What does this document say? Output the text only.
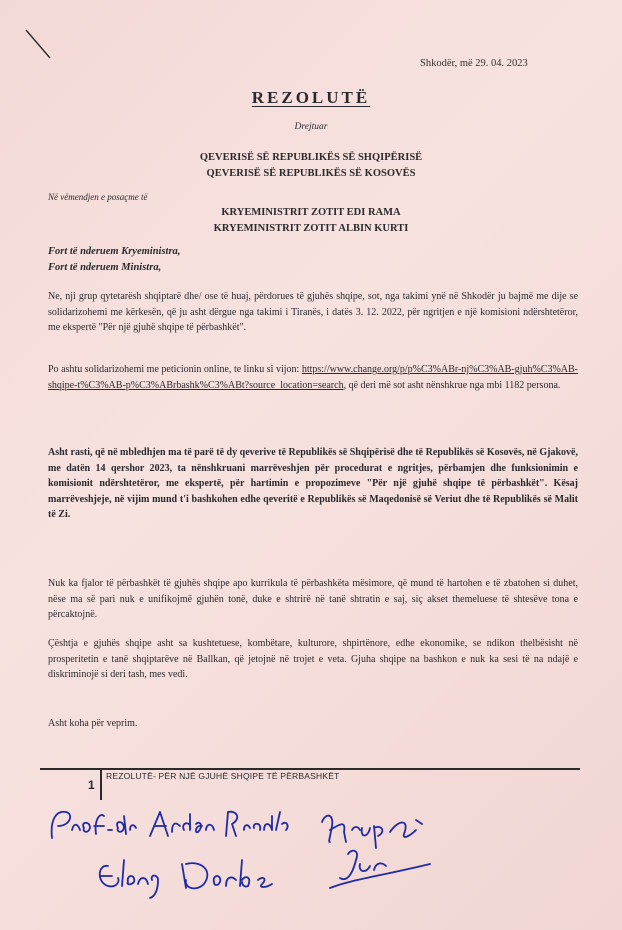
Shkodër, më 29. 04. 2023
REZOLUTË
Drejtuar
QEVERISË SË REPUBLIKËS SË SHQIPËRISË
QEVERISË SË REPUBLIKËS SË KOSOVËS
Në vëmendjen e posaçme të
KRYEMINISTRIT ZOTIT EDI RAMA
KRYEMINISTRIT ZOTIT ALBIN KURTI
Fort të nderuem Kryeministra,
Fort të nderuem Ministra,
Ne, nji grup qytetarësh shqiptarë dhe/ ose të huaj, përdorues të gjuhës shqipe, sot, nga takimi ynë në Shkodër ju bajmë me dije se solidarizohemi me kërkesën, që ju asht dërgue nga takimi i Tiranës, i datës 3. 12. 2022, për ngritjen e një komisioni ndërshtetëror, me ekspertë "Për një gjuhë shqipe të përbashkët".
Po ashtu solidarizohemi me peticionin online, te linku si vijon: https://www.change.org/p/p%C3%ABr-nj%C3%AB-gjuh%C3%AB-shqipe-t%C3%AB-p%C3%ABrbashk%C3%ABt?source_location=search, që deri më sot asht nënshkrue nga mbi 1182 persona.
Asht rasti, që në mbledhjen ma të parë të dy qeverive të Republikës së Shqipërisë dhe të Republikës së Kosovës, në Gjakovë, me datën 14 qershor 2023, ta nënshkruani marrëveshjen për procedurat e ngritjes, përbamjen dhe funksionimin e komisionit ndërshtetëror, me ekspertë, për hartimin e propozimeve "Për një gjuhë shqipe të përbashkët". Kësaj marrëveshjeje, në vijim mund t'i bashkohen edhe qeveritë e Republikës së Maqedonisë së Veriut dhe të Republikës së Malit të Zi.
Nuk ka fjalor të përbashkët të gjuhës shqipe apo kurrikula të përbashkëta mësimore, që mund të hartohen e të zbatohen si duhet, nëse ma së pari nuk e unifikojmë gjuhën tonë, duke e shtrirë në tanë shtratin e saj, siç akset themeluese të shtesëve tona e përcaktojnë.
Çështja e gjuhës shqipe asht sa kushtetuese, kombëtare, kulturore, shpirtënore, edhe ekonomike, se ndikon thelbësisht në prosperitetin e tanë shqiptarëve në Ballkan, që jetojnë në trojet e veta. Gjuha shqipe na bashkon e nuk ka sesi të na ndajë e diskriminojë si deri tash, mes vedi.
Asht koha për veprim.
1
REZOLUTË- PËR NJË GJUHË SHQIPE TË PËRBASHKËT
